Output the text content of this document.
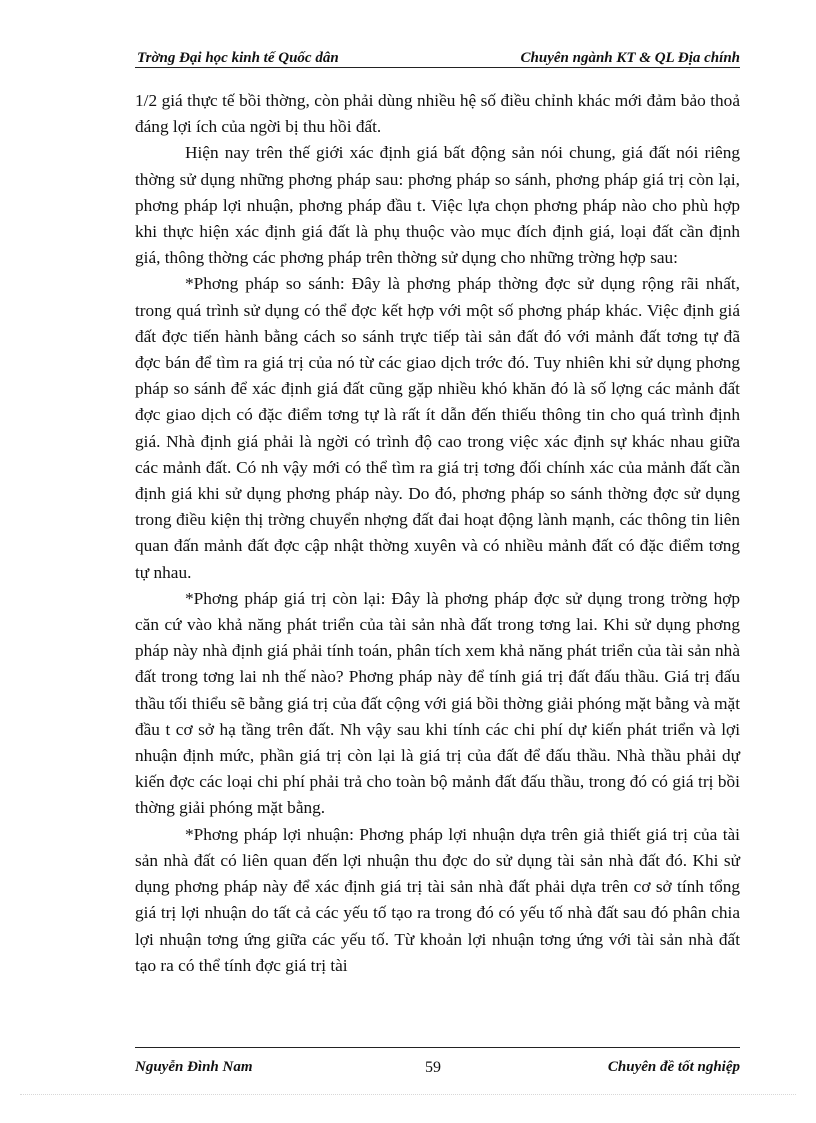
Trờng Đại học kinh tế Quốc dân	Chuyên ngành KT & QL Địa chính

1/2 giá thực tế bồi thờng, còn phải dùng nhiều hệ số điều chỉnh khác mới đảm bảo thoả đáng lợi ích của ngời bị thu hồi đất.

Hiện nay trên thế giới xác định giá bất động sản nói chung, giá đất nói riêng thờng sử dụng những phơng pháp sau: phơng pháp so sánh, phơng pháp giá trị còn lại, phơng pháp lợi nhuận, phơng pháp đầu t. Việc lựa chọn phơng pháp nào cho phù hợp khi thực hiện xác định giá đất là phụ thuộc vào mục đích định giá, loại đất cần định giá, thông thờng các phơng pháp trên thờng sử dụng cho những trờng hợp sau:

*Phơng pháp so sánh: Đây là phơng pháp thờng đợc sử dụng rộng rãi nhất, trong quá trình sử dụng có thể đợc kết hợp với một số phơng pháp khác. Việc định giá đất đợc tiến hành bằng cách so sánh trực tiếp tài sản đất đó với mảnh đất tơng tự đã đợc bán để tìm ra giá trị của nó từ các giao dịch trớc đó. Tuy nhiên khi sử dụng phơng pháp so sánh để xác định giá đất cũng gặp nhiều khó khăn đó là số lợng các mảnh đất đợc giao dịch có đặc điểm tơng tự là rất ít dẫn đến thiếu thông tin cho quá trình định giá. Nhà định giá phải là ngời có trình độ cao trong việc xác định sự khác nhau giữa các mảnh đất. Có nh vậy mới có thể tìm ra giá trị tơng đối chính xác của mảnh đất cần định giá khi sử dụng phơng pháp này. Do đó, phơng pháp so sánh thờng đợc sử dụng trong điều kiện thị trờng chuyển nhợng đất đai hoạt động lành mạnh, các thông tin liên quan đấn mảnh đất đợc cập nhật thờng xuyên và có nhiều mảnh đất có đặc điểm tơng tự nhau.

*Phơng pháp giá trị còn lại: Đây là phơng pháp đợc sử dụng trong trờng hợp căn cứ vào khả năng phát triển của tài sản nhà đất trong tơng lai. Khi sử dụng phơng pháp này nhà định giá phải tính toán, phân tích xem khả năng phát triển của tài sản nhà đất trong tơng lai nh thế nào? Phơng pháp này để tính giá trị đất đấu thầu. Giá trị đấu thầu tối thiểu sẽ bằng giá trị của đất cộng với giá bồi thờng giải phóng mặt bằng và mặt đầu t cơ sở hạ tầng trên đất. Nh vậy sau khi tính các chi phí dự kiến phát triển và lợi nhuận định mức, phần giá trị còn lại là giá trị của đất để đấu thầu. Nhà thầu phải dự kiến đợc các loại chi phí phải trả cho toàn bộ mảnh đất đấu thầu, trong đó có giá trị bồi thờng giải phóng mặt bằng.

*Phơng pháp lợi nhuận: Phơng pháp lợi nhuận dựa trên giả thiết giá trị của tài sản nhà đất có liên quan đến lợi nhuận thu đợc do sử dụng tài sản nhà đất đó. Khi sử dụng phơng pháp này để xác định giá trị tài sản nhà đất phải dựa trên cơ sở tính tổng giá trị lợi nhuận do tất cả các yếu tố tạo ra trong đó có yếu tố nhà đất sau đó phân chia lợi nhuận tơng ứng giữa các yếu tố. Từ khoản lợi nhuận tơng ứng với tài sản nhà đất tạo ra có thể tính đợc giá trị tài

Nguyễn Đình Nam	59	Chuyên đề tốt nghiệp
